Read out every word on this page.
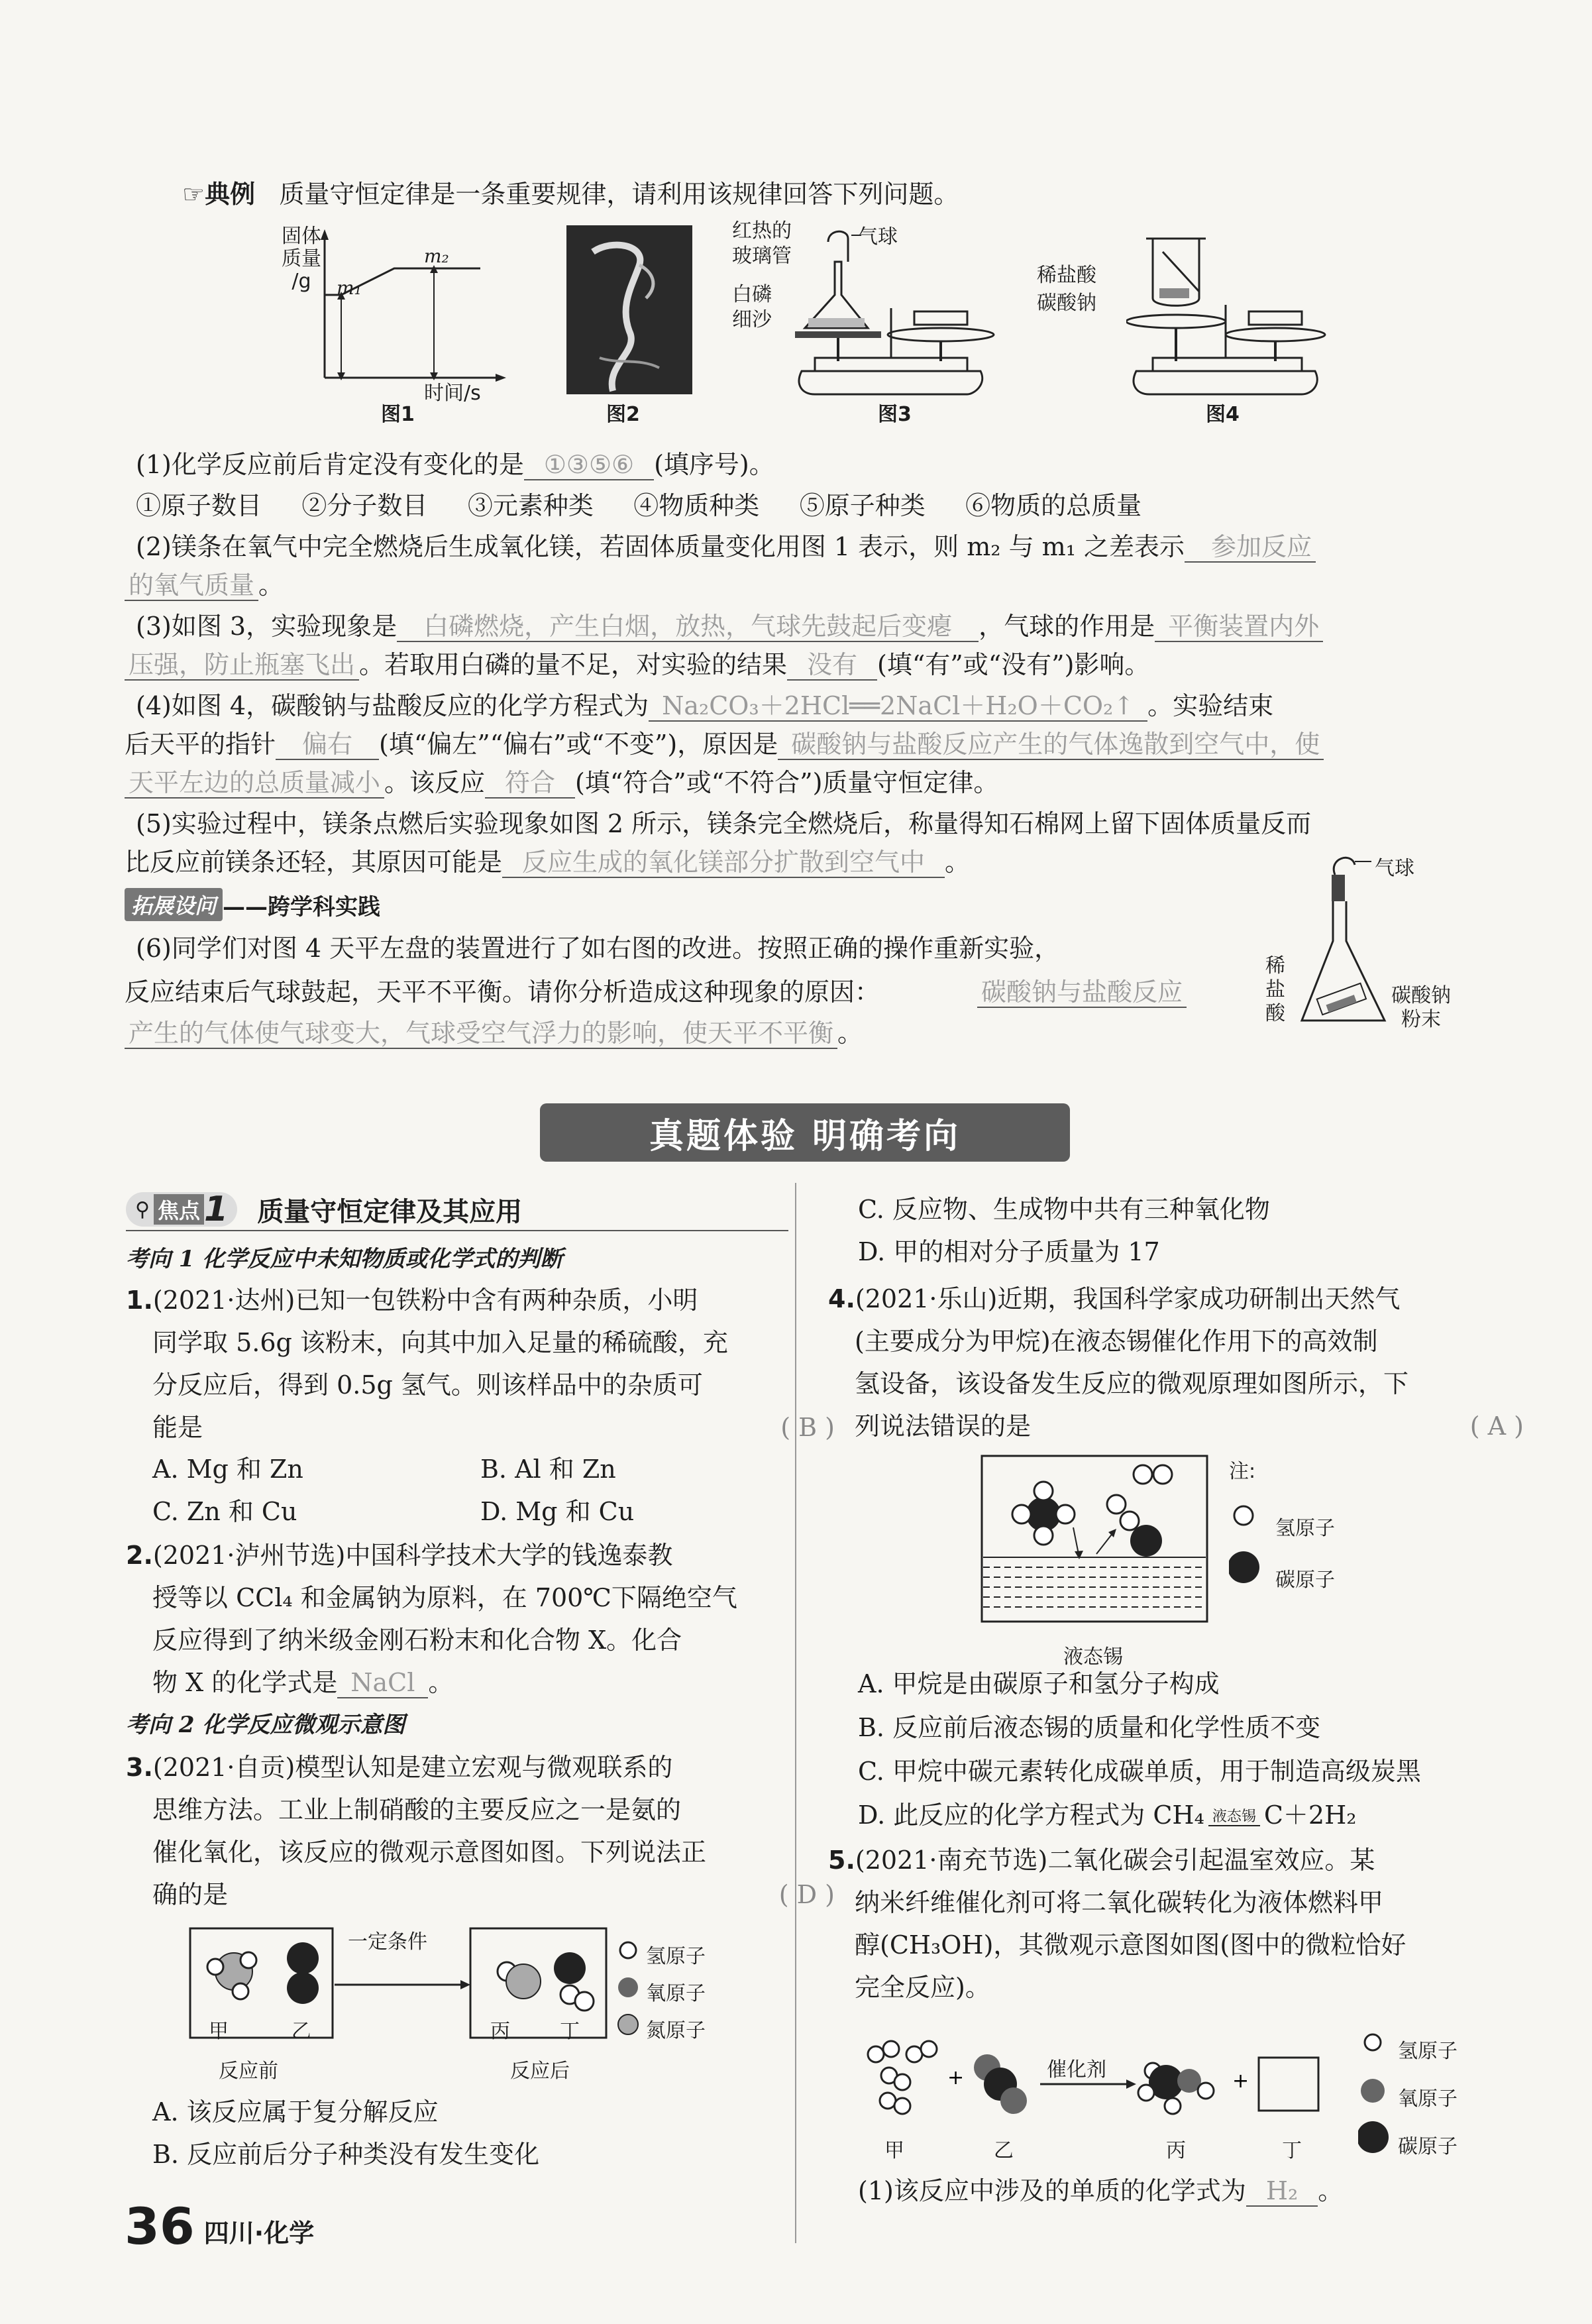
☞典例 质量守恒定律是一条重要规律，请利用该规律回答下列问题。
固体
质量
/g	m₁
m₂
时间/s
图1	图2
红热的
玻璃管
白磷
细沙
气球
图3
稀盐酸
碳酸钠
图4
(1)化学反应前后肯定没有变化的是 ①③⑤⑥ (填序号)。
①原子数目 ②分子数目 ③元素种类 ④物质种类 ⑤原子种类 ⑥物质的总质量
(2)镁条在氧气中完全燃烧后生成氧化镁，若固体质量变化用图 1 表示，则 m₂ 与 m₁ 之差表示 参加反应
的氧气质量 。
(3)如图 3，实验现象是 白磷燃烧，产生白烟，放热，气球先鼓起后变瘪 ，气球的作用是 平衡装置内外
压强，防止瓶塞飞出 。若取用白磷的量不足，对实验的结果 没有 (填“有”或“没有”)影响。
(4)如图 4，碳酸钠与盐酸反应的化学方程式为 Na₂CO₃＋2HCl══2NaCl＋H₂O＋CO₂↑ 。实验结束
后天平的指针 偏右 (填“偏左”“偏右”或“不变”)，原因是 碳酸钠与盐酸反应产生的气体逸散到空气中，使
天平左边的总质量减小 。该反应 符合 (填“符合”或“不符合”)质量守恒定律。
(5)实验过程中，镁条点燃后实验现象如图 2 所示，镁条完全燃烧后，称量得知石棉网上留下固体质量反而
比反应前镁条还轻，其原因可能是 反应生成的氧化镁部分扩散到空气中 。
拓展设问 ——跨学科实践
(6)同学们对图 4 天平左盘的装置进行了如右图的改进。按照正确的操作重新实验，
反应结束后气球鼓起，天平不平衡。请你分析造成这种现象的原因：	碳酸钠与盐酸反应
产生的气体使气球变大，气球受空气浮力的影响，使天平不平衡 。
气球
稀
盐
酸
碳酸钠
粉末
真题体验 明确考向
⚲ 焦点 1 质量守恒定律及其应用
考向 1 化学反应中未知物质或化学式的判断
1.(2021·达州)已知一包铁粉中含有两种杂质，小明
同学取 5.6g 该粉末，向其中加入足量的稀硫酸，充
分反应后，得到 0.5g 氢气。则该样品中的杂质可
能是	( B )
A. Mg 和 Zn	B. Al 和 Zn
C. Zn 和 Cu	D. Mg 和 Cu
2.(2021·泸州节选)中国科学技术大学的钱逸泰教
授等以 CCl₄ 和金属钠为原料，在 700℃下隔绝空气
反应得到了纳米级金刚石粉末和化合物 X。化合
物 X 的化学式是 NaCl 。
考向 2 化学反应微观示意图
3.(2021·自贡)模型认知是建立宏观与微观联系的
思维方法。工业上制硝酸的主要反应之一是氨的
催化氧化，该反应的微观示意图如图。下列说法正
确的是	( D )
一定条件
甲	乙	丙	丁
反应前	反应后
氢原子
氧原子
氮原子
A. 该反应属于复分解反应
B. 反应前后分子种类没有发生变化
C. 反应物、生成物中共有三种氧化物
D. 甲的相对分子质量为 17
4.(2021·乐山)近期，我国科学家成功研制出天然气
(主要成分为甲烷)在液态锡催化作用下的高效制
氢设备，该设备发生反应的微观原理如图所示，下
列说法错误的是	( A )
液态锡
注:
氢原子
碳原子
A. 甲烷是由碳原子和氢分子构成
B. 反应前后液态锡的质量和化学性质不变
C. 甲烷中碳元素转化成碳单质，用于制造高级炭黑
D. 此反应的化学方程式为 CH₄ 液态锡 C＋2H₂
5.(2021·南充节选)二氧化碳会引起温室效应。某
纳米纤维催化剂可将二氧化碳转化为液体燃料甲
醇(CH₃OH)，其微观示意图如图(图中的微粒恰好
完全反应)。
+	+
催化剂
甲	乙	丙	丁
氢原子
氧原子
碳原子
(1)该反应中涉及的单质的化学式为 H₂ 。
36 四川·化学
